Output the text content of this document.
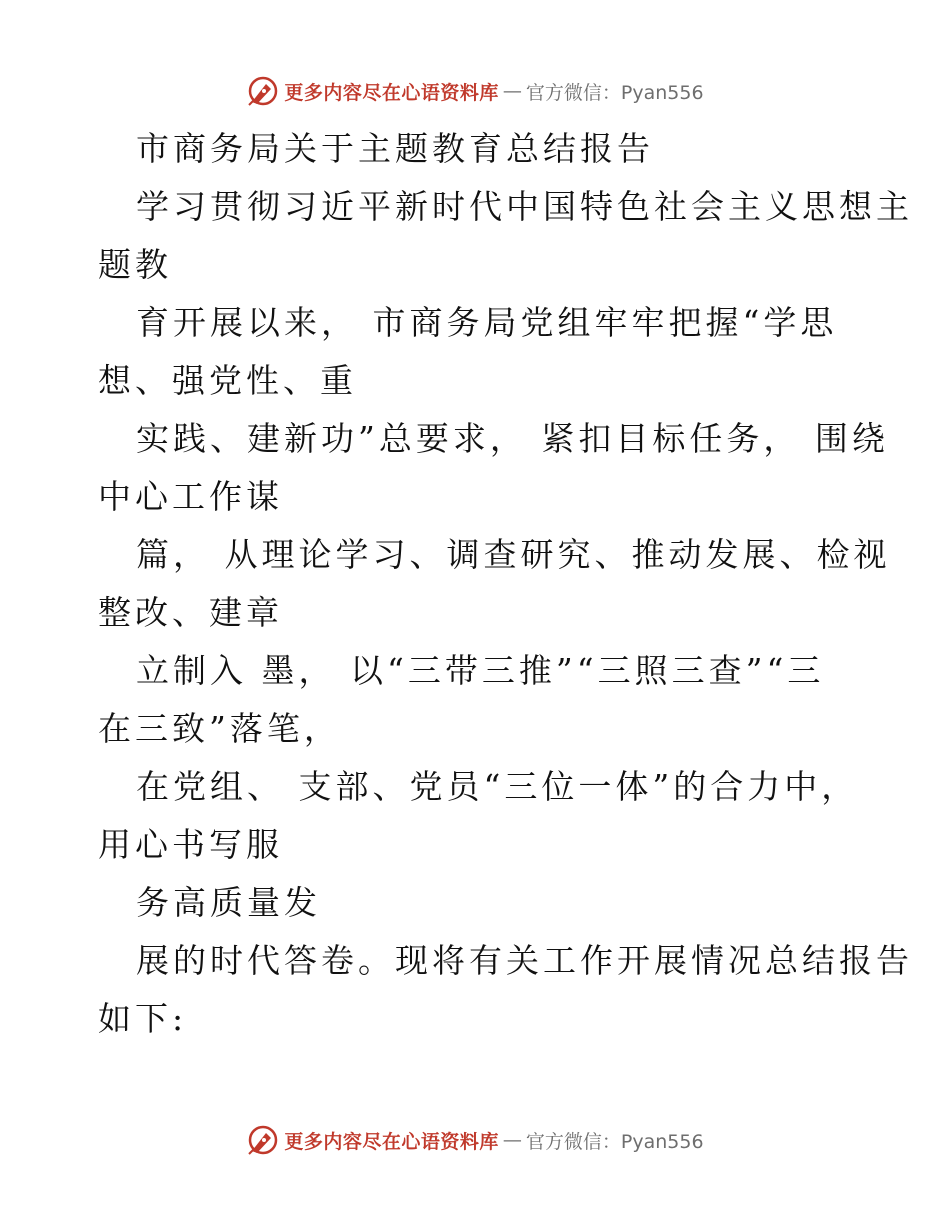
更多内容尽在心语资料库 — 官方微信：Pyan556
市商务局关于主题教育总结报告
学习贯彻习近平新时代中国特色社会主义思想主
题教
育开展以来， 市商务局党组牢牢把握“学思
想、强党性、重
实践、建新功”总要求， 紧扣目标任务， 围绕
中心工作谋
篇， 从理论学习、调查研究、推动发展、检视
整改、建章
立制入 墨， 以“三带三推”“三照三查”“三
在三致”落笔，
在党组、 支部、党员“三位一体”的合力中，
用心书写服
务高质量发
展的时代答卷。现将有关工作开展情况总结报告
如下:
更多内容尽在心语资料库 — 官方微信：Pyan556
